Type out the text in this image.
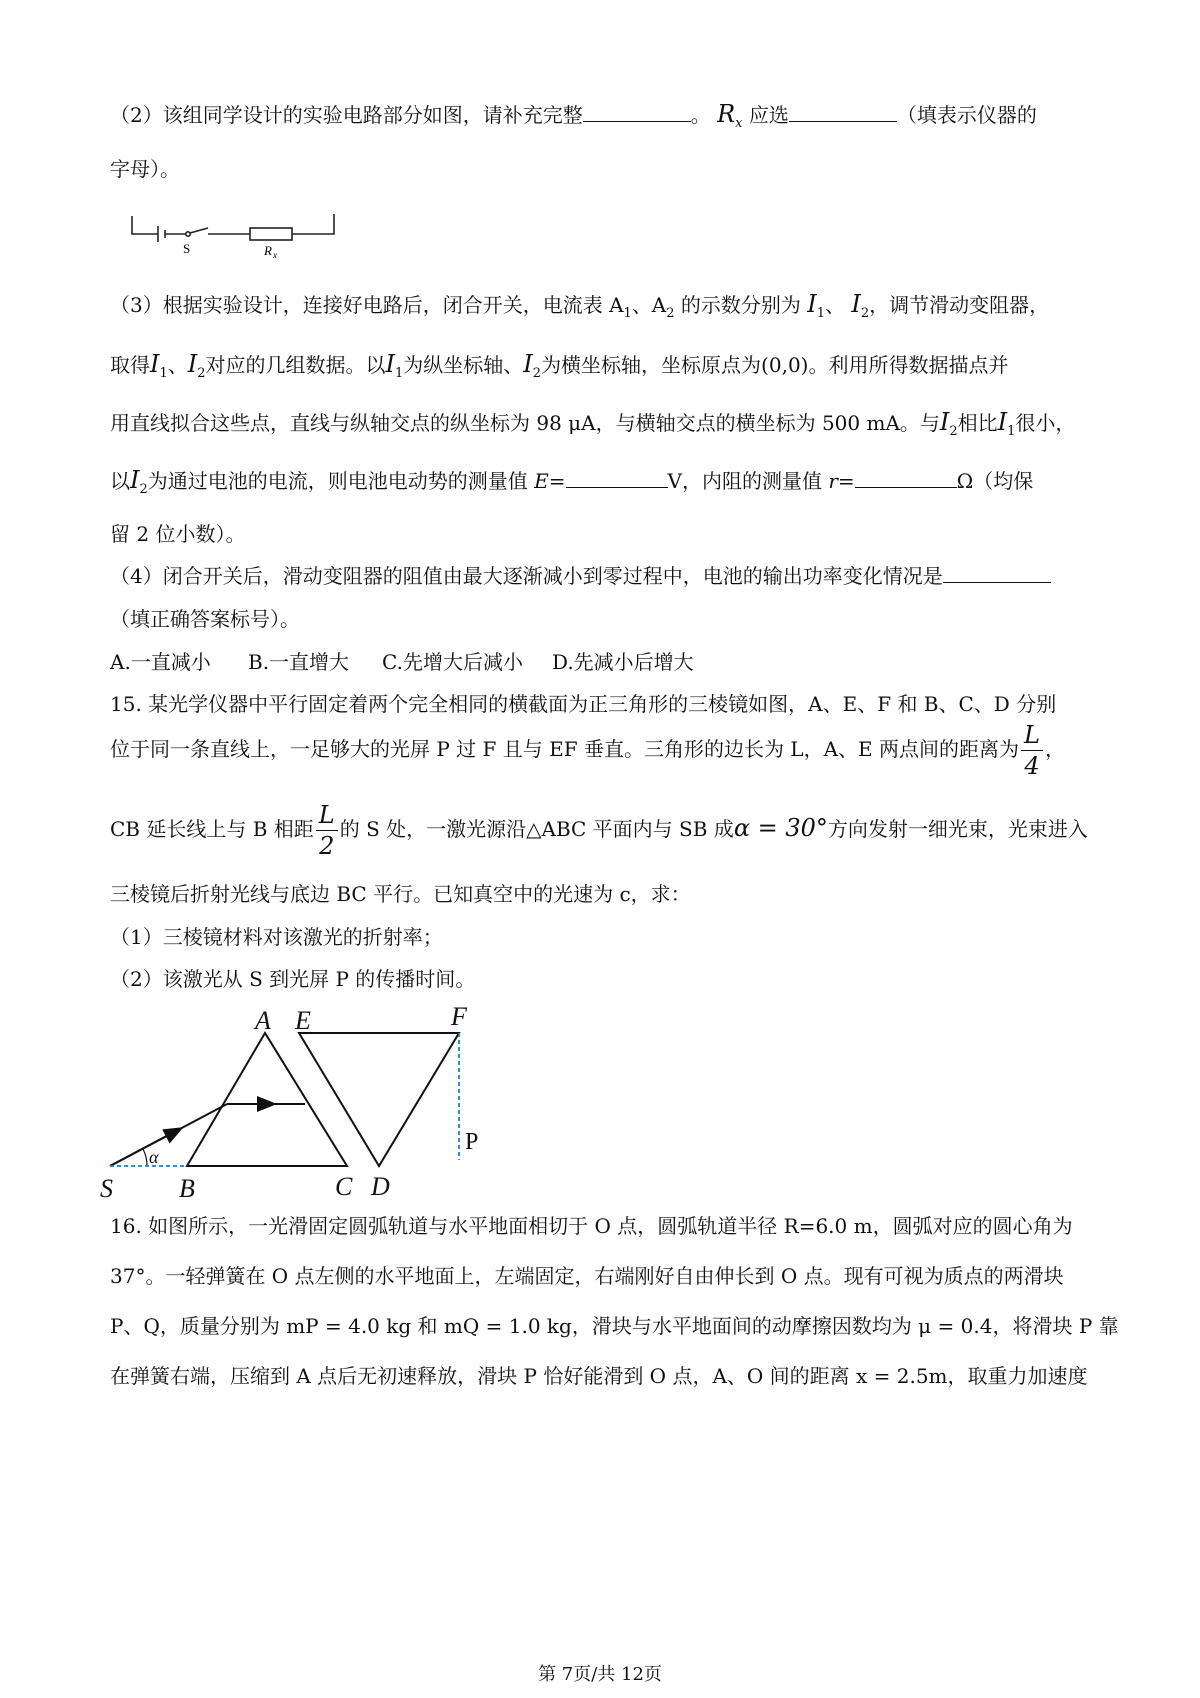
（2）该组同学设计的实验电路部分如图，请补充完整	。 $R_x$ 应选	（填表示仪器的
字母）。
S	R x
（3）根据实验设计，连接好电路后，闭合开关，电流表 $A_1$、$A_2$ 的示数分别为 $I_1$、 $I_2$，调节滑动变阻器，
取得$I_1$、$I_2$对应的几组数据。以$I_1$为纵坐标轴、$I_2$为横坐标轴，坐标原点为(0,0)。利用所得数据描点并
用直线拟合这些点，直线与纵轴交点的纵坐标为 98 μA，与横轴交点的横坐标为 500 mA。与$I_2$相比$I_1$很小，
以$I_2$为通过电池的电流，则电池电动势的测量值 E=	V，内阻的测量值 r=	Ω（均保
留 2 位小数）。
（4）闭合开关后，滑动变阻器的阻值由最大逐渐减小到零过程中，电池的输出功率变化情况是
（填正确答案标号）。
A.一直减小 B.一直增大 C.先增大后减小 D.先减小后增大
15. 某光学仪器中平行固定着两个完全相同的横截面为正三角形的三棱镜如图，A、E、F 和 B、C、D 分别
位于同一条直线上，一足够大的光屏 P 过 F 且与 EF 垂直。三角形的边长为 L，A、E 两点间的距离为 $\frac{L}{4}$ ，
CB 延长线上与 B 相距 $\frac{L}{2}$ 的 S 处，一激光源沿△ABC 平面内与 SB 成α = 30°方向发射一细光束，光束进入
三棱镜后折射光线与底边 BC 平行。已知真空中的光速为 c，求：
（1）三棱镜材料对该激光的折射率；
（2）该激光从 S 到光屏 P 的传播时间。
A E	F
S	B	C D
α
P
16. 如图所示，一光滑固定圆弧轨道与水平地面相切于 O 点，圆弧轨道半径 R=6.0 m，圆弧对应的圆心角为
37°。一轻弹簧在 O 点左侧的水平地面上，左端固定，右端刚好自由伸长到 O 点。现有可视为质点的两滑块
P、Q，质量分别为 mP = 4.0 kg 和 mQ = 1.0 kg，滑块与水平地面间的动摩擦因数均为 μ = 0.4，将滑块 P 靠
在弹簧右端，压缩到 A 点后无初速释放，滑块 P 恰好能滑到 O 点，A、O 间的距离 x = 2.5m，取重力加速度
第 7页/共 12页
